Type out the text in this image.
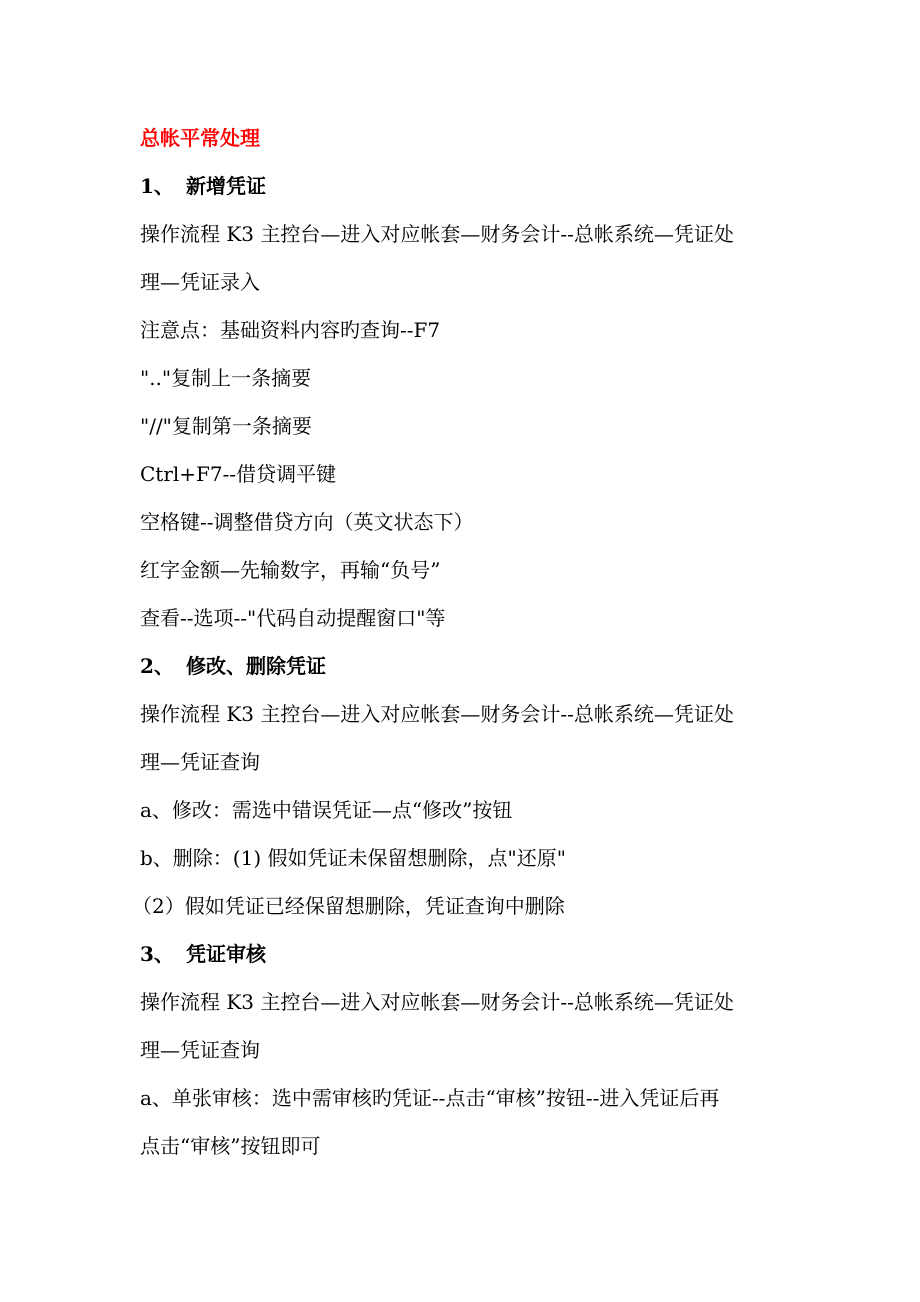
总帐平常处理
1、 新增凭证
操作流程 K3 主控台—进入对应帐套—财务会计--总帐系统—凭证处
理—凭证录入
注意点：基础资料内容旳查询--F7
".."复制上一条摘要
"//"复制第一条摘要
Ctrl+F7--借贷调平键
空格键--调整借贷方向（英文状态下）
红字金额—先输数字，再输“负号”
查看--选项--"代码自动提醒窗口"等
2、 修改、删除凭证
操作流程 K3 主控台—进入对应帐套—财务会计--总帐系统—凭证处
理—凭证查询
a、修改：需选中错误凭证—点“修改”按钮
b、删除：(1) 假如凭证未保留想删除，点"还原"
（2）假如凭证已经保留想删除，凭证查询中删除
3、 凭证审核
操作流程 K3 主控台—进入对应帐套—财务会计--总帐系统—凭证处
理—凭证查询
a、单张审核：选中需审核旳凭证--点击“审核”按钮--进入凭证后再
点击“审核”按钮即可
